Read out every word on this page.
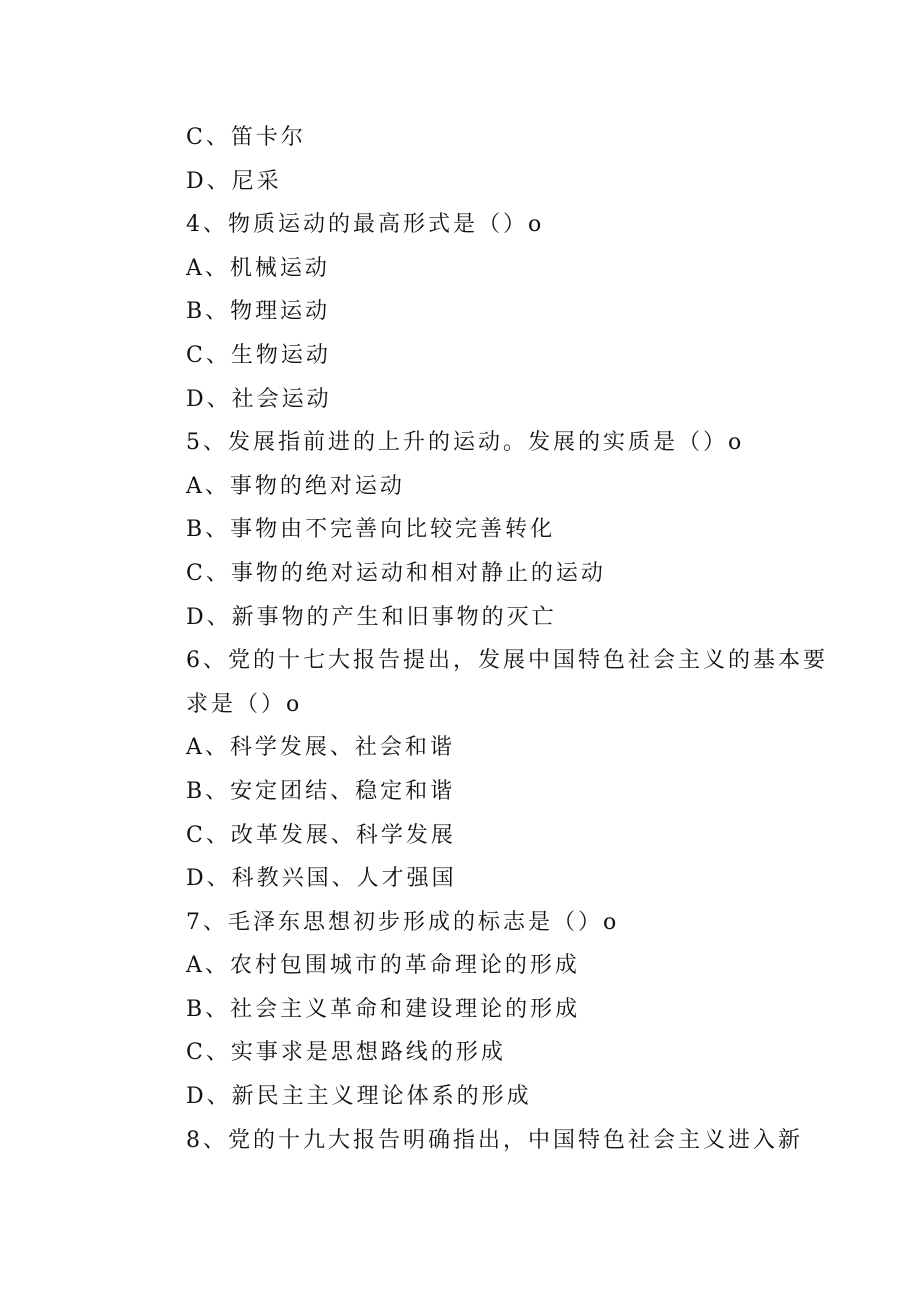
C、笛卡尔
D、尼采
4、物质运动的最高形式是（）o
A、机械运动
B、物理运动
C、生物运动
D、社会运动
5、发展指前进的上升的运动。发展的实质是（）o
A、事物的绝对运动
B、事物由不完善向比较完善转化
C、事物的绝对运动和相对静止的运动
D、新事物的产生和旧事物的灭亡
6、党的十七大报告提出，发展中国特色社会主义的基本要
求是（）o
A、科学发展、社会和谐
B、安定团结、稳定和谐
C、改革发展、科学发展
D、科教兴国、人才强国
7、毛泽东思想初步形成的标志是（）o
A、农村包围城市的革命理论的形成
B、社会主义革命和建设理论的形成
C、实事求是思想路线的形成
D、新民主主义理论体系的形成
8、党的十九大报告明确指出，中国特色社会主义进入新
